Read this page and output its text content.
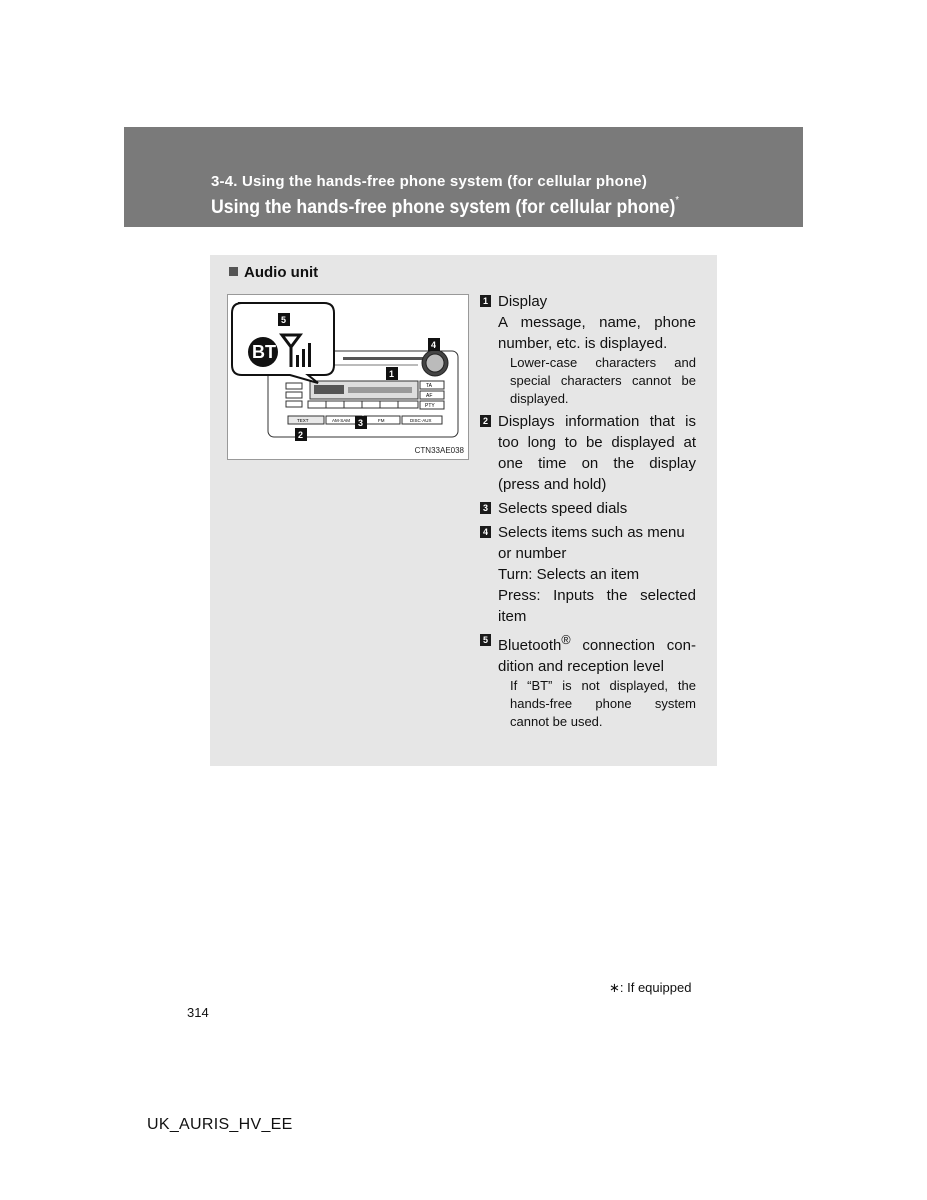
3-4. Using the hands-free phone system (for cellular phone)
Using the hands-free phone system (for cellular phone)*
Audio unit
TA
AF
PTY
TEXT	AM·SAM	FM	DISC·AUX
BT
5
4
1
3
2
CTN33AE038
1 Display

A message, name, phone number, etc. is displayed.

Lower-case characters and special characters cannot be displayed.

2 Displays information that is too long to be displayed at one time on the display (press and hold)

3 Selects speed dials

4 Selects items such as menu or number

Turn: Selects an item

Press: Inputs the selected item

5 Bluetooth® connection con-dition and reception level

If “BT” is not displayed, the hands-free phone system cannot be used.

∗: If equipped
314
UK_AURIS_HV_EE
